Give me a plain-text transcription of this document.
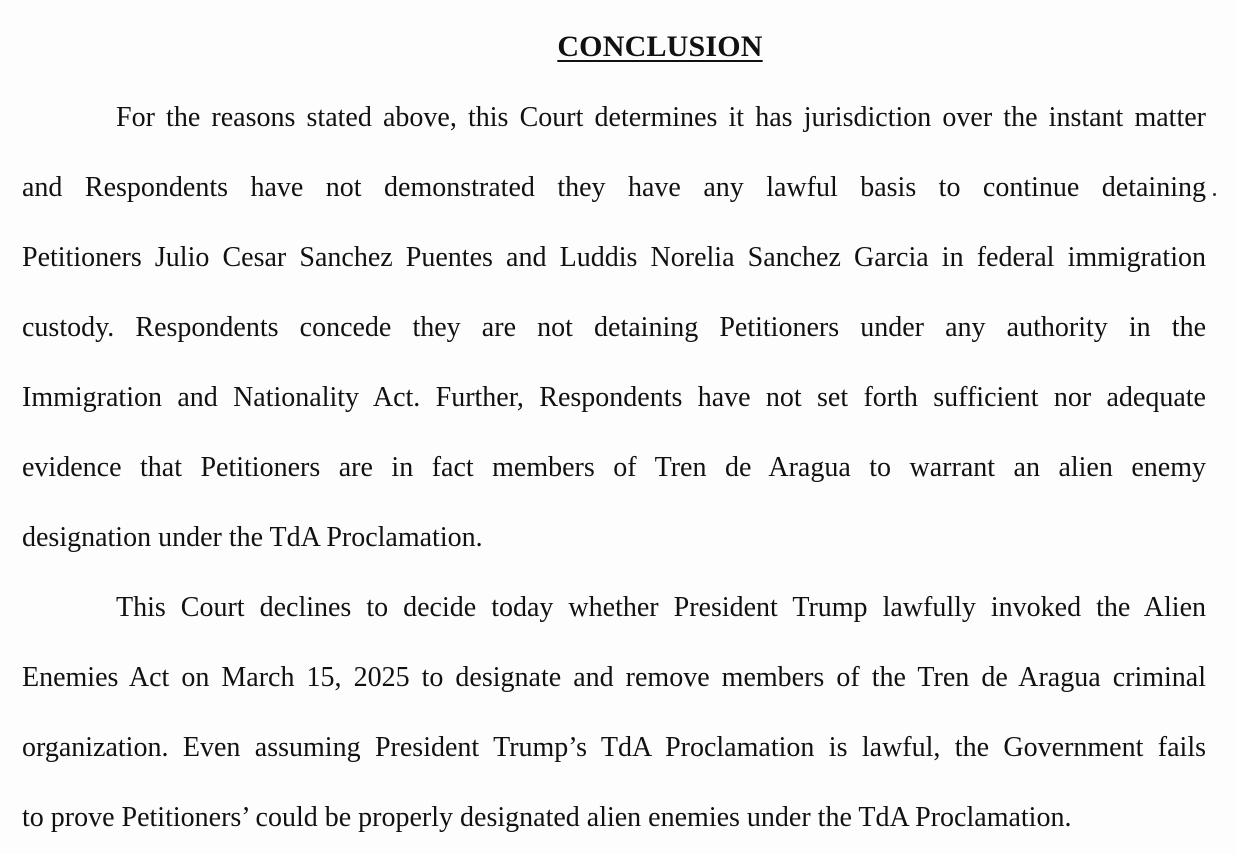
CONCLUSION
For the reasons stated above, this Court determines it has jurisdiction over the instant matter
and Respondents have not demonstrated they have any lawful basis to continue detaining
Petitioners Julio Cesar Sanchez Puentes and Luddis Norelia Sanchez Garcia in federal immigration
custody. Respondents concede they are not detaining Petitioners under any authority in the
Immigration and Nationality Act. Further, Respondents have not set forth sufficient nor adequate
evidence that Petitioners are in fact members of Tren de Aragua to warrant an alien enemy
designation under the TdA Proclamation.
This Court declines to decide today whether President Trump lawfully invoked the Alien
Enemies Act on March 15, 2025 to designate and remove members of the Tren de Aragua criminal
organization. Even assuming President Trump’s TdA Proclamation is lawful, the Government fails
to prove Petitioners’ could be properly designated alien enemies under the TdA Proclamation.
